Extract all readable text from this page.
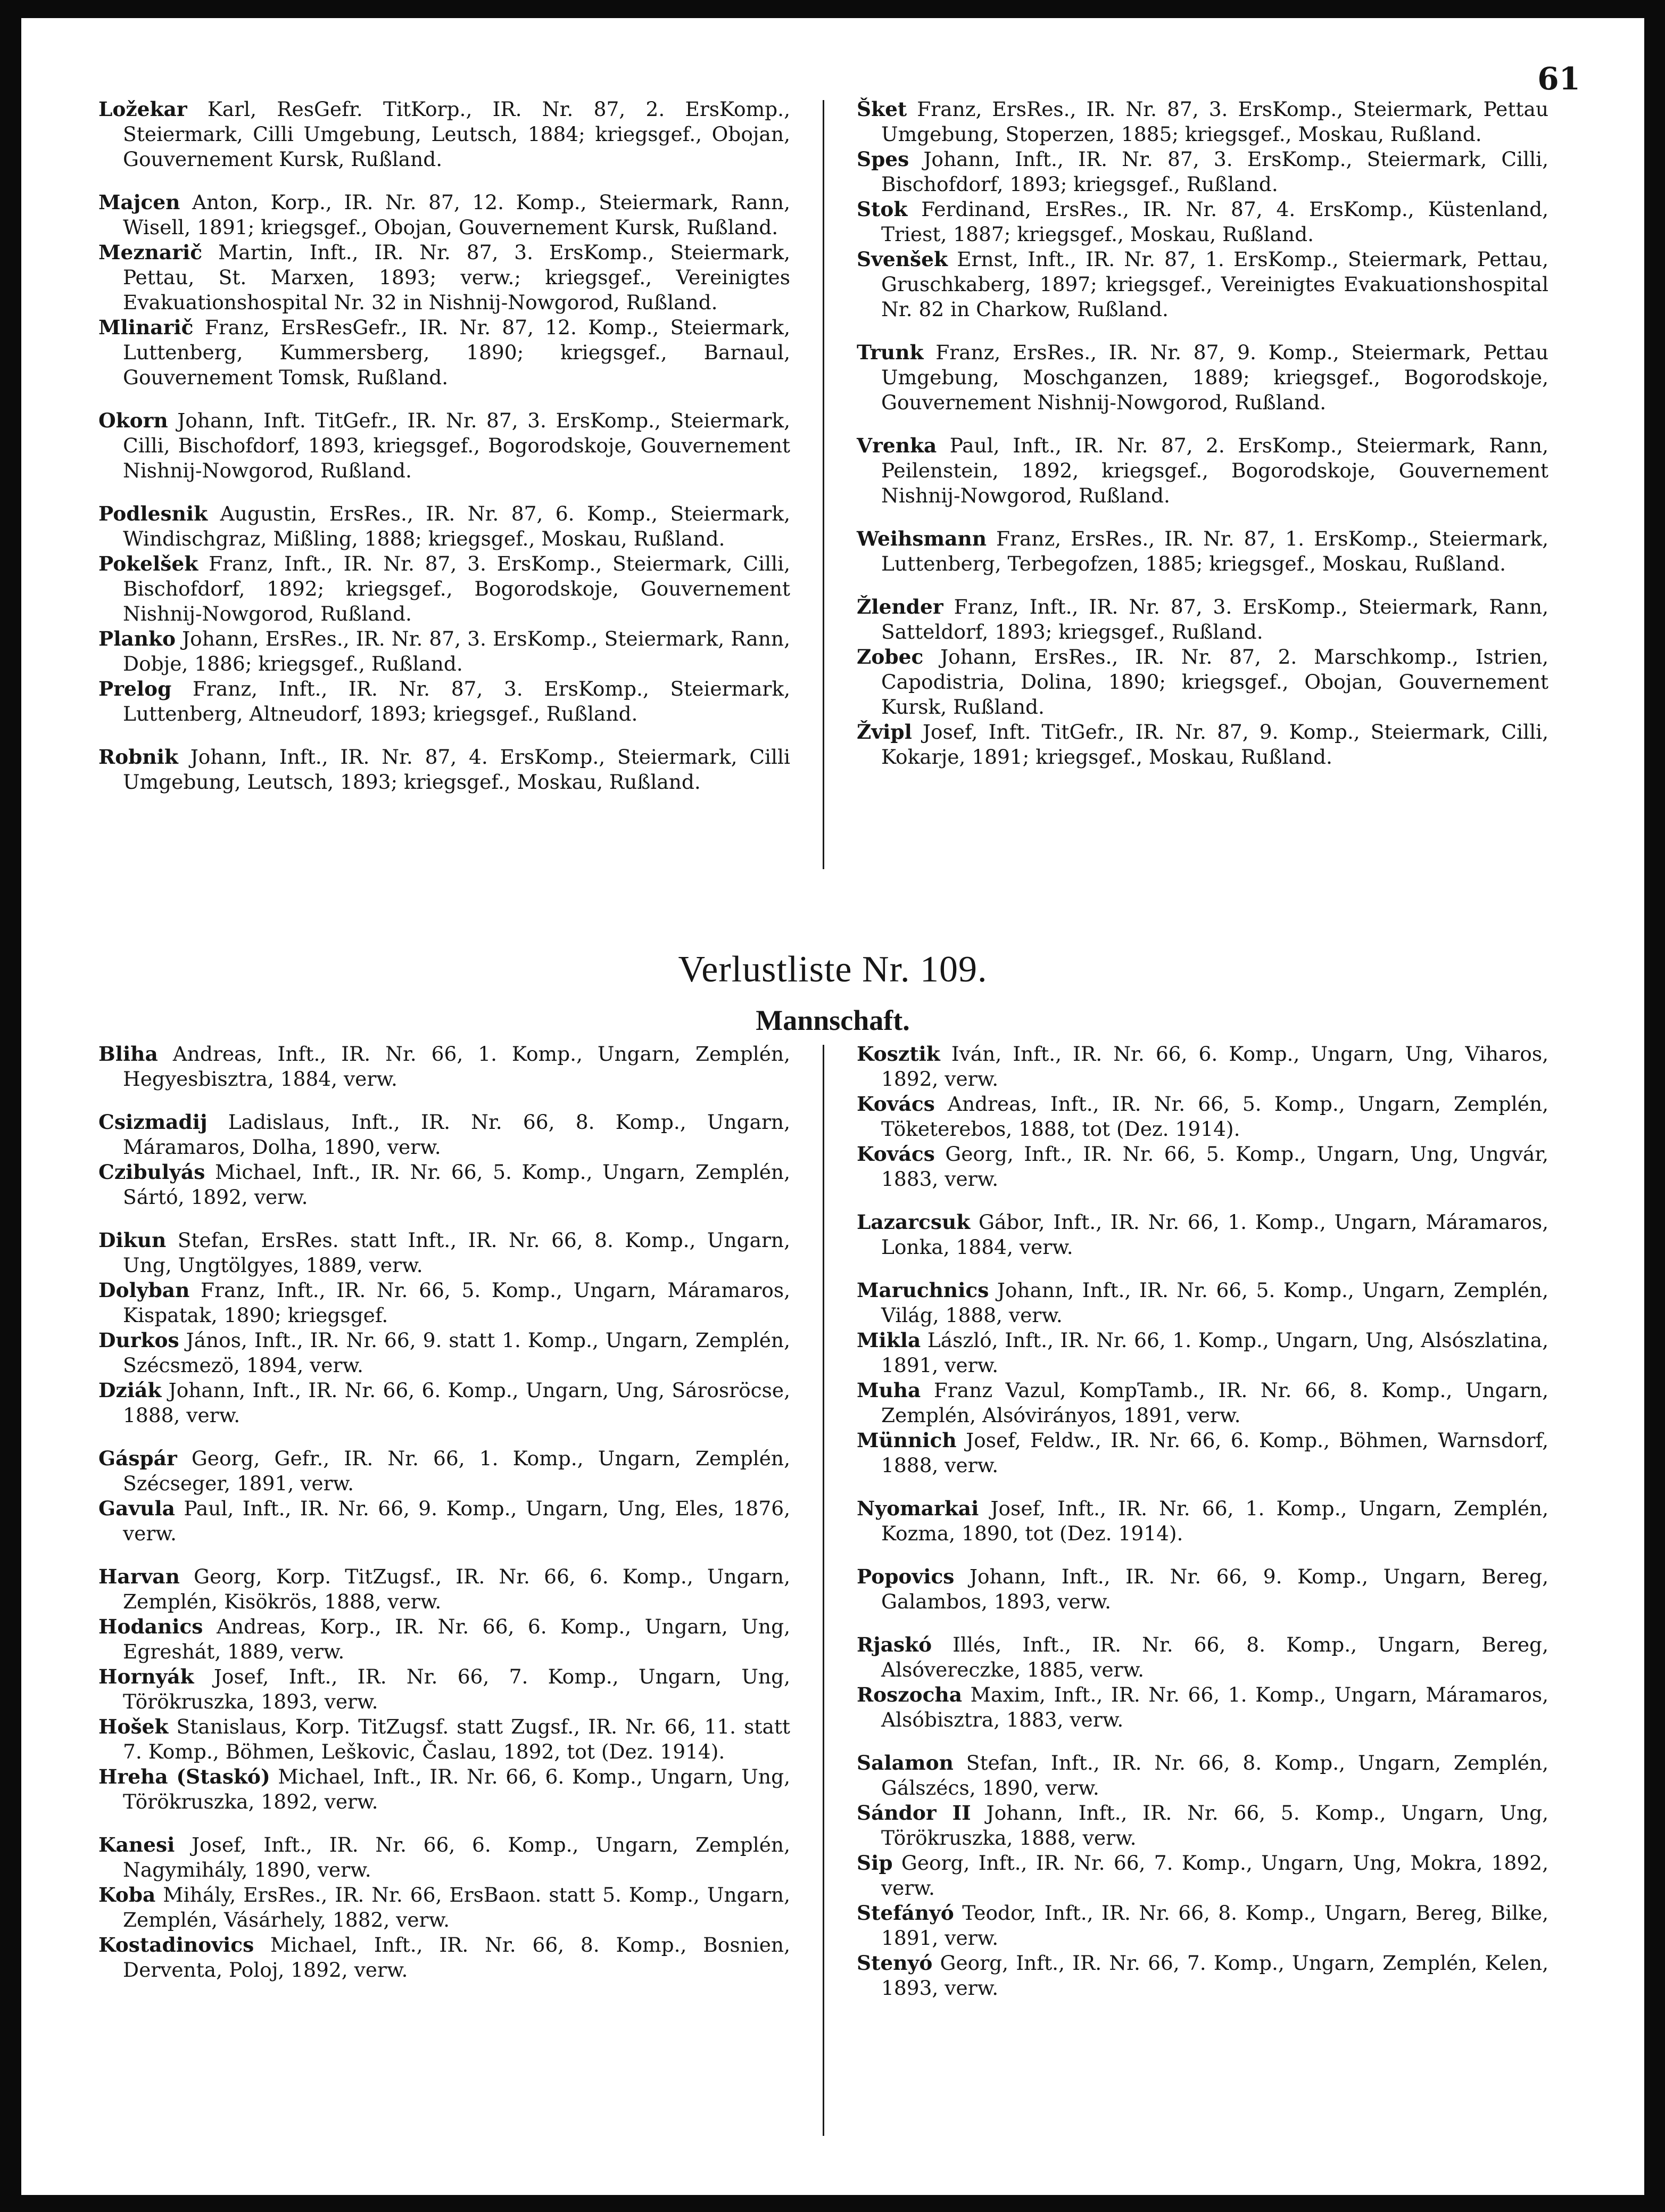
61

Ložekar Karl, ResGefr. TitKorp., IR. Nr. 87, 2. ErsKomp., Steiermark, Cilli Umgebung, Leutsch, 1884; kriegsgef., Obojan, Gouvernement Kursk, Rußland.
Majcen Anton, Korp., IR. Nr. 87, 12. Komp., Steiermark, Rann, Wisell, 1891; kriegsgef., Obojan, Gouvernement Kursk, Rußland.
Meznarič Martin, Inft., IR. Nr. 87, 3. ErsKomp., Steiermark, Pettau, St. Marxen, 1893; verw.; kriegsgef., Vereinigtes Evakuationshospital Nr. 32 in Nishnij-Nowgorod, Rußland.
Mlinarič Franz, ErsResGefr., IR. Nr. 87, 12. Komp., Steiermark, Luttenberg, Kummersberg, 1890; kriegsgef., Barnaul, Gouvernement Tomsk, Rußland.
Okorn Johann, Inft. TitGefr., IR. Nr. 87, 3. ErsKomp., Steiermark, Cilli, Bischofdorf, 1893, kriegsgef., Bogorodskoje, Gouvernement Nishnij-Nowgorod, Rußland.
Podlesnik Augustin, ErsRes., IR. Nr. 87, 6. Komp., Steiermark, Windischgraz, Mißling, 1888; kriegsgef., Moskau, Rußland.
Pokelšek Franz, Inft., IR. Nr. 87, 3. ErsKomp., Steiermark, Cilli, Bischofdorf, 1892; kriegsgef., Bogorodskoje, Gouvernement Nishnij-Nowgorod, Rußland.
Planko Johann, ErsRes., IR. Nr. 87, 3. ErsKomp., Steiermark, Rann, Dobje, 1886; kriegsgef., Rußland.
Prelog Franz, Inft., IR. Nr. 87, 3. ErsKomp., Steiermark, Luttenberg, Altneudorf, 1893; kriegsgef., Rußland.
Robnik Johann, Inft., IR. Nr. 87, 4. ErsKomp., Steiermark, Cilli Umgebung, Leutsch, 1893; kriegsgef., Moskau, Rußland.
Šket Franz, ErsRes., IR. Nr. 87, 3. ErsKomp., Steiermark, Pettau Umgebung, Stoperzen, 1885; kriegsgef., Moskau, Rußland.
Spes Johann, Inft., IR. Nr. 87, 3. ErsKomp., Steiermark, Cilli, Bischofdorf, 1893; kriegsgef., Rußland.
Stok Ferdinand, ErsRes., IR. Nr. 87, 4. ErsKomp., Küstenland, Triest, 1887; kriegsgef., Moskau, Rußland.
Svenšek Ernst, Inft., IR. Nr. 87, 1. ErsKomp., Steiermark, Pettau, Gruschkaberg, 1897; kriegsgef., Vereinigtes Evakuationshospital Nr. 82 in Charkow, Rußland.
Trunk Franz, ErsRes., IR. Nr. 87, 9. Komp., Steiermark, Pettau Umgebung, Moschganzen, 1889; kriegsgef., Bogorodskoje, Gouvernement Nishnij-Nowgorod, Rußland.
Vrenka Paul, Inft., IR. Nr. 87, 2. ErsKomp., Steiermark, Rann, Peilenstein, 1892, kriegsgef., Bogorodskoje, Gouvernement Nishnij-Nowgorod, Rußland.
Weihsmann Franz, ErsRes., IR. Nr. 87, 1. ErsKomp., Steiermark, Luttenberg, Terbegofzen, 1885; kriegsgef., Moskau, Rußland.
Žlender Franz, Inft., IR. Nr. 87, 3. ErsKomp., Steiermark, Rann, Satteldorf, 1893; kriegsgef., Rußland.
Zobec Johann, ErsRes., IR. Nr. 87, 2. Marschkomp., Istrien, Capodistria, Dolina, 1890; kriegsgef., Obojan, Gouvernement Kursk, Rußland.
Žvipl Josef, Inft. TitGefr., IR. Nr. 87, 9. Komp., Steiermark, Cilli, Kokarje, 1891; kriegsgef., Moskau, Rußland.
Verlustliste Nr. 109.
Mannschaft.
Bliha Andreas, Inft., IR. Nr. 66, 1. Komp., Ungarn, Zemplén, Hegyesbisztra, 1884, verw.
Csizmadij Ladislaus, Inft., IR. Nr. 66, 8. Komp., Ungarn, Máramaros, Dolha, 1890, verw.
Czibulyás Michael, Inft., IR. Nr. 66, 5. Komp., Ungarn, Zemplén, Sártó, 1892, verw.
Dikun Stefan, ErsRes. statt Inft., IR. Nr. 66, 8. Komp., Ungarn, Ung, Ungtölgyes, 1889, verw.
Dolyban Franz, Inft., IR. Nr. 66, 5. Komp., Ungarn, Máramaros, Kispatak, 1890; kriegsgef.
Durkos János, Inft., IR. Nr. 66, 9. statt 1. Komp., Ungarn, Zemplén, Szécsmezö, 1894, verw.
Dziák Johann, Inft., IR. Nr. 66, 6. Komp., Ungarn, Ung, Sárosröcse, 1888, verw.
Gáspár Georg, Gefr., IR. Nr. 66, 1. Komp., Ungarn, Zemplén, Szécseger, 1891, verw.
Gavula Paul, Inft., IR. Nr. 66, 9. Komp., Ungarn, Ung, Eles, 1876, verw.
Harvan Georg, Korp. TitZugsf., IR. Nr. 66, 6. Komp., Ungarn, Zemplén, Kisökrös, 1888, verw.
Hodanics Andreas, Korp., IR. Nr. 66, 6. Komp., Ungarn, Ung, Egreshát, 1889, verw.
Hornyák Josef, Inft., IR. Nr. 66, 7. Komp., Ungarn, Ung, Törökruszka, 1893, verw.
Hošek Stanislaus, Korp. TitZugsf. statt Zugsf., IR. Nr. 66, 11. statt 7. Komp., Böhmen, Leškovic, Časlau, 1892, tot (Dez. 1914).
Hreha (Staskó) Michael, Inft., IR. Nr. 66, 6. Komp., Ungarn, Ung, Törökruszka, 1892, verw.
Kanesi Josef, Inft., IR. Nr. 66, 6. Komp., Ungarn, Zemplén, Nagymihály, 1890, verw.
Koba Mihály, ErsRes., IR. Nr. 66, ErsBaon. statt 5. Komp., Ungarn, Zemplén, Vásárhely, 1882, verw.
Kostadinovics Michael, Inft., IR. Nr. 66, 8. Komp., Bosnien, Derventa, Poloj, 1892, verw.
Kosztik Iván, Inft., IR. Nr. 66, 6. Komp., Ungarn, Ung, Viharos, 1892, verw.
Kovács Andreas, Inft., IR. Nr. 66, 5. Komp., Ungarn, Zemplén, Töketerebos, 1888, tot (Dez. 1914).
Kovács Georg, Inft., IR. Nr. 66, 5. Komp., Ungarn, Ung, Ungvár, 1883, verw.
Lazarcsuk Gábor, Inft., IR. Nr. 66, 1. Komp., Ungarn, Máramaros, Lonka, 1884, verw.
Maruchnics Johann, Inft., IR. Nr. 66, 5. Komp., Ungarn, Zemplén, Világ, 1888, verw.
Mikla László, Inft., IR. Nr. 66, 1. Komp., Ungarn, Ung, Alsószlatina, 1891, verw.
Muha Franz Vazul, KompTamb., IR. Nr. 66, 8. Komp., Ungarn, Zemplén, Alsóvirányos, 1891, verw.
Münnich Josef, Feldw., IR. Nr. 66, 6. Komp., Böhmen, Warnsdorf, 1888, verw.
Nyomarkai Josef, Inft., IR. Nr. 66, 1. Komp., Ungarn, Zemplén, Kozma, 1890, tot (Dez. 1914).
Popovics Johann, Inft., IR. Nr. 66, 9. Komp., Ungarn, Bereg, Galambos, 1893, verw.
Rjaskó Illés, Inft., IR. Nr. 66, 8. Komp., Ungarn, Bereg, Alsóvereczke, 1885, verw.
Roszocha Maxim, Inft., IR. Nr. 66, 1. Komp., Ungarn, Máramaros, Alsóbisztra, 1883, verw.
Salamon Stefan, Inft., IR. Nr. 66, 8. Komp., Ungarn, Zemplén, Gálszécs, 1890, verw.
Sándor II Johann, Inft., IR. Nr. 66, 5. Komp., Ungarn, Ung, Törökruszka, 1888, verw.
Sip Georg, Inft., IR. Nr. 66, 7. Komp., Ungarn, Ung, Mokra, 1892, verw.
Stefányó Teodor, Inft., IR. Nr. 66, 8. Komp., Ungarn, Bereg, Bilke, 1891, verw.
Stenyó Georg, Inft., IR. Nr. 66, 7. Komp., Ungarn, Zemplén, Kelen, 1893, verw.
